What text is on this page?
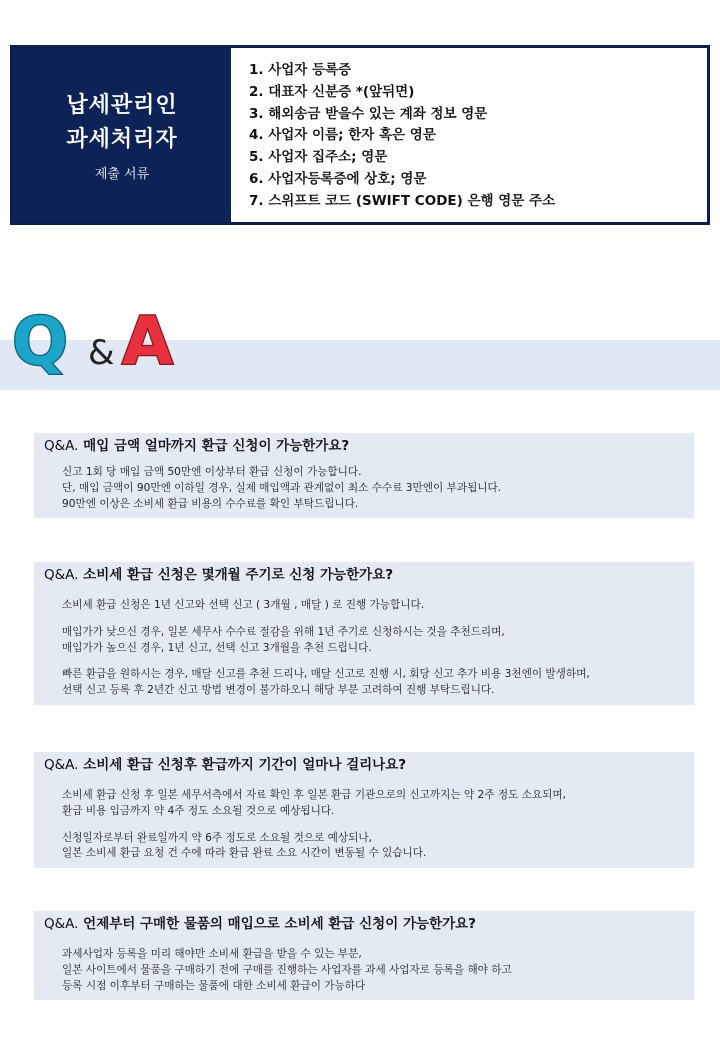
납세관리인
과세처리자
제출 서류
1. 사업자 등록증
2. 대표자 신분증 *(앞뒤면)
3. 해외송금 받을수 있는 계좌 정보 영문
4. 사업자 이름; 한자 혹은 영문
5. 사업자 집주소; 영문
6. 사업자등록증에 상호; 영문
7. 스위프트 코드 (SWIFT CODE) 은행 영문 주소
Q & A
Q&A. 매입 금액 얼마까지 환급 신청이 가능한가요?

신고 1회 당 매입 금액 50만엔 이상부터 환급 신청이 가능합니다.

단, 매입 금액이 90만엔 이하일 경우, 실제 매입액과 관계없이 최소 수수료 3만엔이 부과됩니다.

90만엔 이상은 소비세 환급 비용의 수수료를 확인 부탁드립니다.

Q&A. 소비세 환급 신청은 몇개월 주기로 신청 가능한가요?

소비세 환급 신청은 1년 신고와 선택 신고 ( 3개월 , 매달 ) 로 진행 가능합니다.

매입가가 낮으신 경우, 일본 세무사 수수료 절감을 위해 1년 주기로 신청하시는 것을 추천드리며,

매입가가 높으신 경우, 1년 신고, 선택 신고 3개월을 추천 드립니다.

빠른 환급을 원하시는 경우, 매달 신고를 추천 드리나, 매달 신고로 진행 시, 회당 신고 추가 비용 3천엔이 발생하며,

선택 신고 등록 후 2년간 신고 방법 변경이 불가하오니 해당 부분 고려하여 진행 부탁드립니다.

Q&A. 소비세 환급 신청후 환급까지 기간이 얼마나 걸리나요?

소비세 환급 신청 후 일본 세무서측에서 자료 확인 후 일본 환급 기관으로의 신고까지는 약 2주 정도 소요되며,

환급 비용 입금까지 약 4주 정도 소요될 것으로 예상됩니다.

신청일자로부터 완료일까지 약 6주 정도로 소요될 것으로 예상되나,

일본 소비세 환급 요청 건 수에 따라 환급 완료 소요 시간이 변동될 수 있습니다.

Q&A. 언제부터 구매한 물품의 매입으로 소비세 환급 신청이 가능한가요?

과세사업자 등록을 미리 해야만 소비세 환급을 받을 수 있는 부분,

일본 사이트에서 물품을 구매하기 전에 구매를 진행하는 사업자를 과세 사업자로 등록을 해야 하고

등록 시점 이후부터 구매하는 물품에 대한 소비세 환급이 가능하다
